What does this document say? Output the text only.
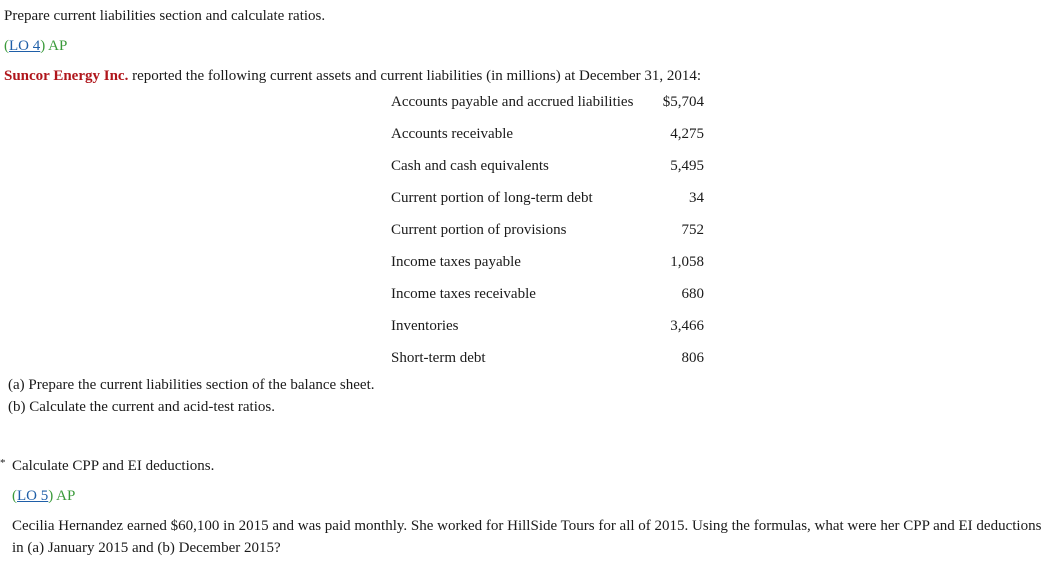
Prepare current liabilities section and calculate ratios.
(LO 4) AP
Suncor Energy Inc. reported the following current assets and current liabilities (in millions) at December 31, 2014:
Accounts payable and accrued liabilities $5,704
Accounts receivable	4,275
Cash and cash equivalents	5,495
Current portion of long-term debt	34
Current portion of provisions	752
Income taxes payable	1,058
Income taxes receivable	680
Inventories	3,466
Short-term debt	806
(a) Prepare the current liabilities section of the balance sheet.
(b) Calculate the current and acid-test ratios.
* Calculate CPP and EI deductions.
(LO 5) AP
Cecilia Hernandez earned $60,100 in 2015 and was paid monthly. She worked for HillSide Tours for all of 2015. Using the formulas, what were her CPP and EI deductions in (a) January 2015 and (b) December 2015?
